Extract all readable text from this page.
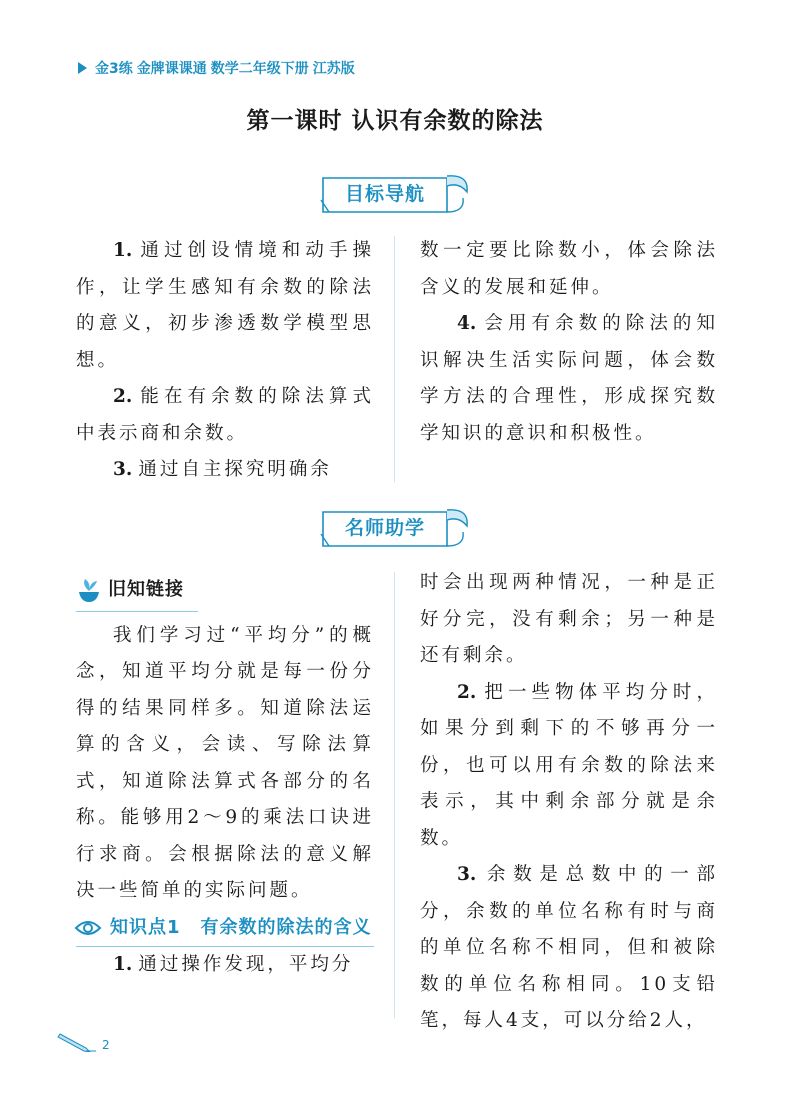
金3练 金牌课课通 数学二年级下册 江苏版
第一课时 认识有余数的除法
目标导航

1. 通过创设情境和动手操作，让学生感知有余数的除法的意义，初步渗透数学模型思想。

2. 能在有余数的除法算式中表示商和余数。

3. 通过自主探究明确余

数一定要比除数小，体会除法含义的发展和延伸。

4. 会用有余数的除法的知识解决生活实际问题，体会数学方法的合理性，形成探究数学知识的意识和积极性。

名师助学
旧知链接

我们学习过“平均分”的概念，知道平均分就是每一份分得的结果同样多。知道除法运算的含义，会读、写除法算式，知道除法算式各部分的名称。能够用2～9的乘法口诀进行求商。会根据除法的意义解决一些简单的实际问题。

知识点1 有余数的除法的含义

1. 通过操作发现，平均分

时会出现两种情况，一种是正好分完，没有剩余；另一种是还有剩余。

2. 把一些物体平均分时，如果分到剩下的不够再分一份，也可以用有余数的除法来表示，其中剩余部分就是余数。

3. 余数是总数中的一部分，余数的单位名称有时与商的单位名称不相同，但和被除数的单位名称相同。10支铅笔，每人4支，可以分给2人，

2
